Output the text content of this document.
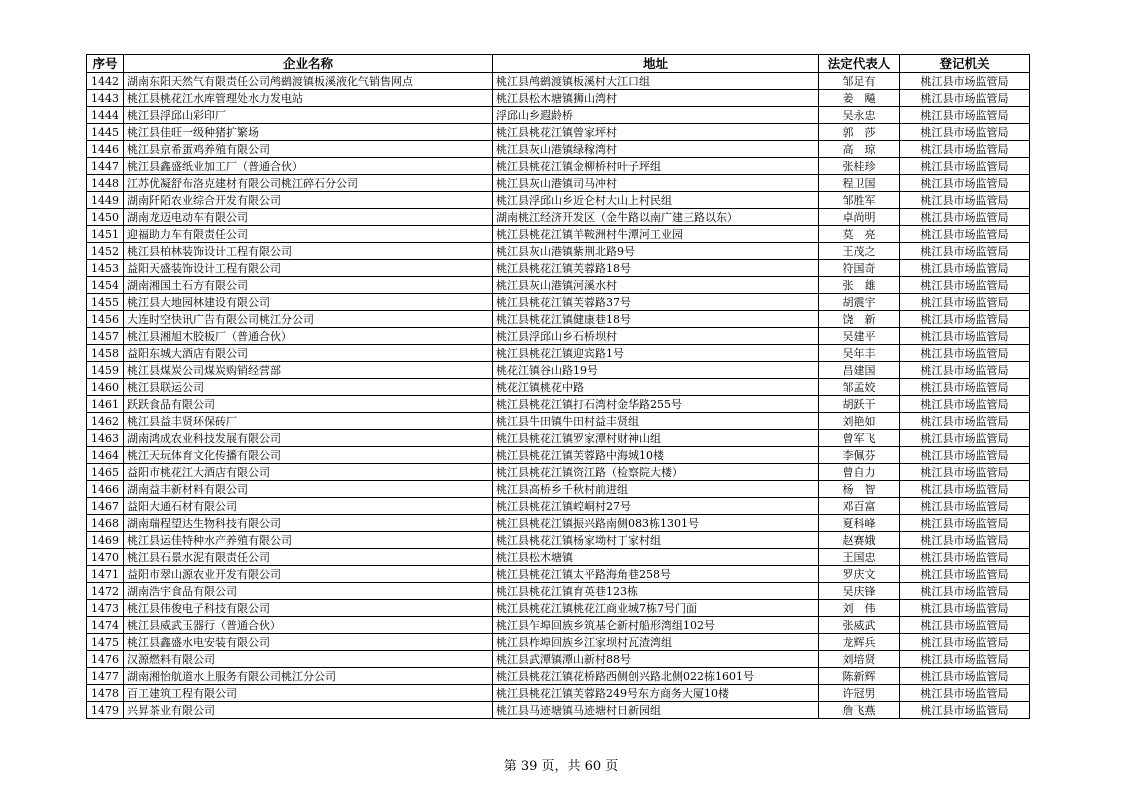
序号	企业名称	地址	法定代表人	登记机关
1442	湖南东阳天然气有限责任公司鸬鹚渡镇板溪液化气销售网点	桃江县鸬鹚渡镇板溪村大江口组	邹足有	桃江县市场监管局
1443	桃江县桃花江水库管理处水力发电站	桃江县松木塘镇狮山湾村	姜　飚	桃江县市场监管局
1444	桃江县浮邱山彩印厂	浮邱山乡遐龄桥	吴永忠	桃江县市场监管局
1445	桃江县佳旺一级种猪扩繁场	桃江县桃花江镇曾家坪村	郭　莎	桃江县市场监管局
1446	桃江县京希蛋鸡养殖有限公司	桃江县灰山港镇绿稼湾村	高　琼	桃江县市场监管局
1447	桃江县鑫盛纸业加工厂（普通合伙）	桃江县桃花江镇金柳桥村叶子坪组	张桂珍	桃江县市场监管局
1448	江苏优凝舒布洛克建材有限公司桃江碎石分公司	桃江县灰山港镇司马冲村	程卫国	桃江县市场监管局
1449	湖南阡陌农业综合开发有限公司	桃江县浮邱山乡近仑村大山上村民组	邹胜军	桃江县市场监管局
1450	湖南龙迈电动车有限公司	湖南桃江经济开发区（金牛路以南广建三路以东）	卓尚明	桃江县市场监管局
1451	迎福助力车有限责任公司	桃江县桃花江镇羊鞍洲村牛潭河工业园	莫　亮	桃江县市场监管局
1452	桃江县柏林装饰设计工程有限公司	桃江县灰山港镇紫荆北路9号	王茂之	桃江县市场监管局
1453	益阳天盛装饰设计工程有限公司	桃江县桃花江镇芙蓉路18号	符国奇	桃江县市场监管局
1454	湖南湘国土石方有限公司	桃江县灰山港镇河溪水村	张　雄	桃江县市场监管局
1455	桃江县大地园林建设有限公司	桃江县桃花江镇芙蓉路37号	胡震宇	桃江县市场监管局
1456	大连时空快讯广告有限公司桃江分公司	桃江县桃花江镇健康巷18号	饶　新	桃江县市场监管局
1457	桃江县湘旭木胶板厂（普通合伙）	桃江县浮邱山乡石桥坝村	吴建平	桃江县市场监管局
1458	益阳东城大酒店有限公司	桃江县桃花江镇迎宾路1号	吴年丰	桃江县市场监管局
1459	桃江县煤炭公司煤炭购销经营部	桃花江镇谷山路19号	昌建国	桃江县市场监管局
1460	桃江县联运公司	桃花江镇桃花中路	邹孟姣	桃江县市场监管局
1461	跃跃食品有限公司	桃江县桃花江镇打石湾村金华路255号	胡跃干	桃江县市场监管局
1462	桃江县益丰贤环保砖厂	桃江县牛田镇牛田村益丰贤组	刘艳如	桃江县市场监管局
1463	湖南鸿成农业科技发展有限公司	桃江县桃花江镇罗家潭村财神山组	曾军飞	桃江县市场监管局
1464	桃江天玩体育文化传播有限公司	桃江县桃花江镇芙蓉路中海城10楼	李佩芬	桃江县市场监管局
1465	益阳市桃花江大酒店有限公司	桃江县桃花江镇资江路（检察院大楼）	曾自力	桃江县市场监管局
1466	湖南益丰新材料有限公司	桃江县高桥乡千秋村前进组	杨　智	桃江县市场监管局
1467	益阳大通石材有限公司	桃江县桃花江镇崆峒村27号	邓百富	桃江县市场监管局
1468	湖南瑞程望达生物科技有限公司	桃江县桃花江镇振兴路南侧083栋1301号	夏科峰	桃江县市场监管局
1469	桃江县运佳特种水产养殖有限公司	桃江县桃花江镇杨家坳村丁家村组	赵赛娥	桃江县市场监管局
1470	桃江县石景水泥有限责任公司	桃江县松木塘镇	王国忠	桃江县市场监管局
1471	益阳市翠山源农业开发有限公司	桃江县桃花江镇太平路海角巷258号	罗庆文	桃江县市场监管局
1472	湖南浩宇食品有限公司	桃江县桃花江镇育英巷123栋	吴庆锋	桃江县市场监管局
1473	桃江县伟俊电子科技有限公司	桃江县桃花江镇桃花江商业城7栋7号门面	刘　伟	桃江县市场监管局
1474	桃江县威武玉器行（普通合伙）	桃江县乍埠回族乡筑基仑新村船形湾组102号	张威武	桃江县市场监管局
1475	桃江县鑫盛水电安装有限公司	桃江县柞埠回族乡江家坝村瓦渣湾组	龙辉兵	桃江县市场监管局
1476	汉源燃料有限公司	桃江县武潭镇潭山新村88号	刘培贤	桃江县市场监管局
1477	湖南湘怡航道水上服务有限公司桃江分公司	桃江县桃花江镇花桥路西侧创兴路北侧022栋1601号	陈新辉	桃江县市场监管局
1478	百工建筑工程有限公司	桃江县桃花江镇芙蓉路249号东方商务大厦10楼	许冠男	桃江县市场监管局
1479	兴昇茶业有限公司	桃江县马迹塘镇马迹塘村日新园组	詹飞燕	桃江县市场监管局
第 39 页，共 60 页
